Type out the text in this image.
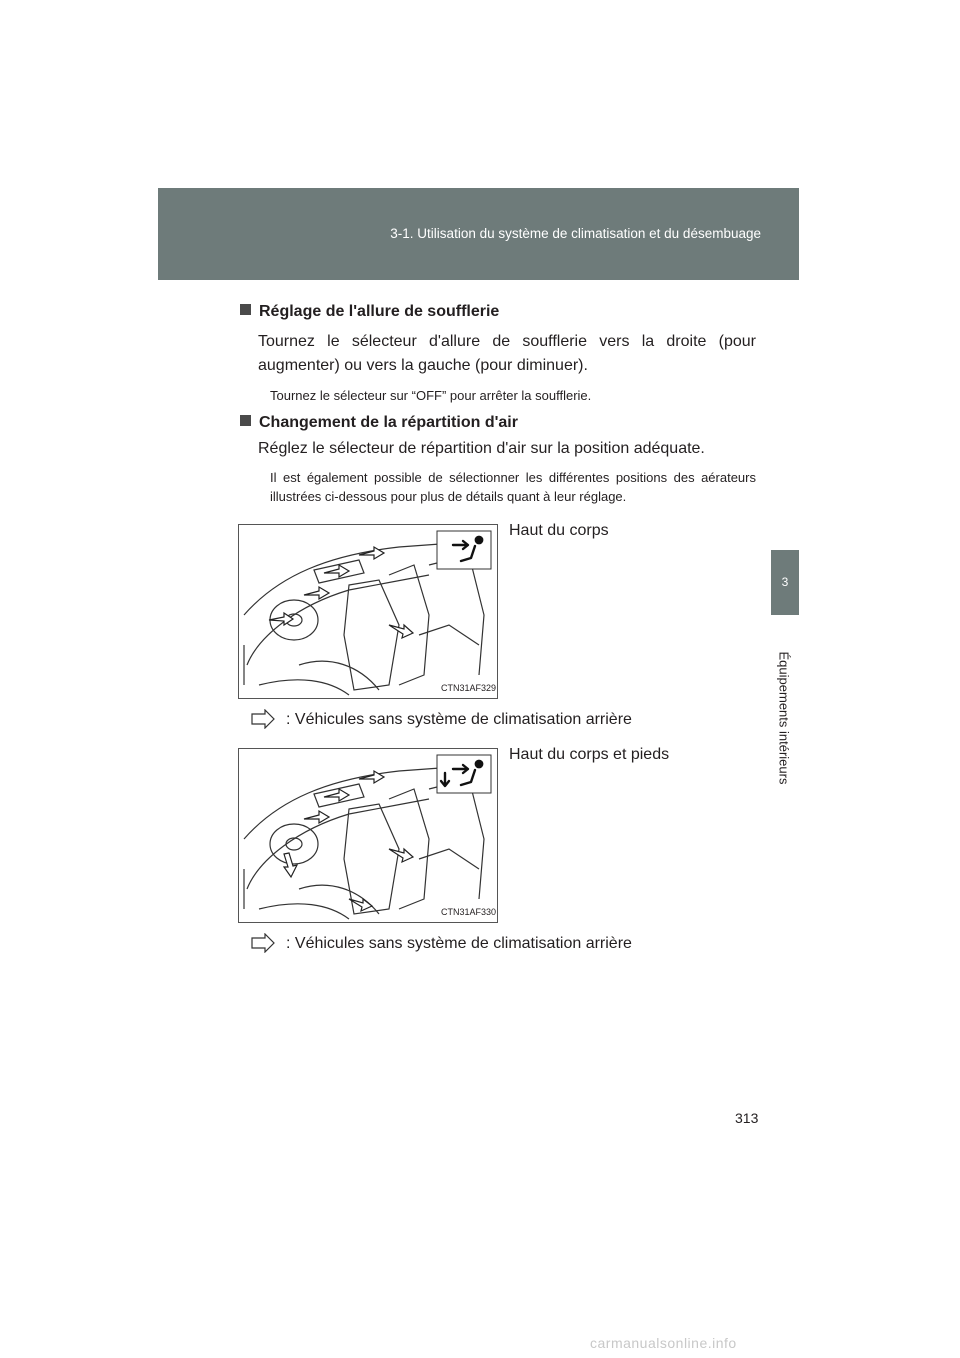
3-1. Utilisation du système de climatisation et du désembuage
3
Équipements intérieurs
Réglage de l'allure de soufflerie
Tournez le sélecteur d'allure de soufflerie vers la droite (pour augmenter) ou vers la gauche (pour diminuer).
Tournez le sélecteur sur “OFF” pour arrêter la soufflerie.
Changement de la répartition d'air
Réglez le sélecteur de répartition d'air sur la position adéquate.
Il est également possible de sélectionner les différentes positions des aérateurs illustrées ci-dessous pour plus de détails quant à leur réglage.
CTN31AF329
Haut du corps
: Véhicules sans système de climatisation arrière
CTN31AF330
Haut du corps et pieds
: Véhicules sans système de climatisation arrière
313
carmanualsonline.info
